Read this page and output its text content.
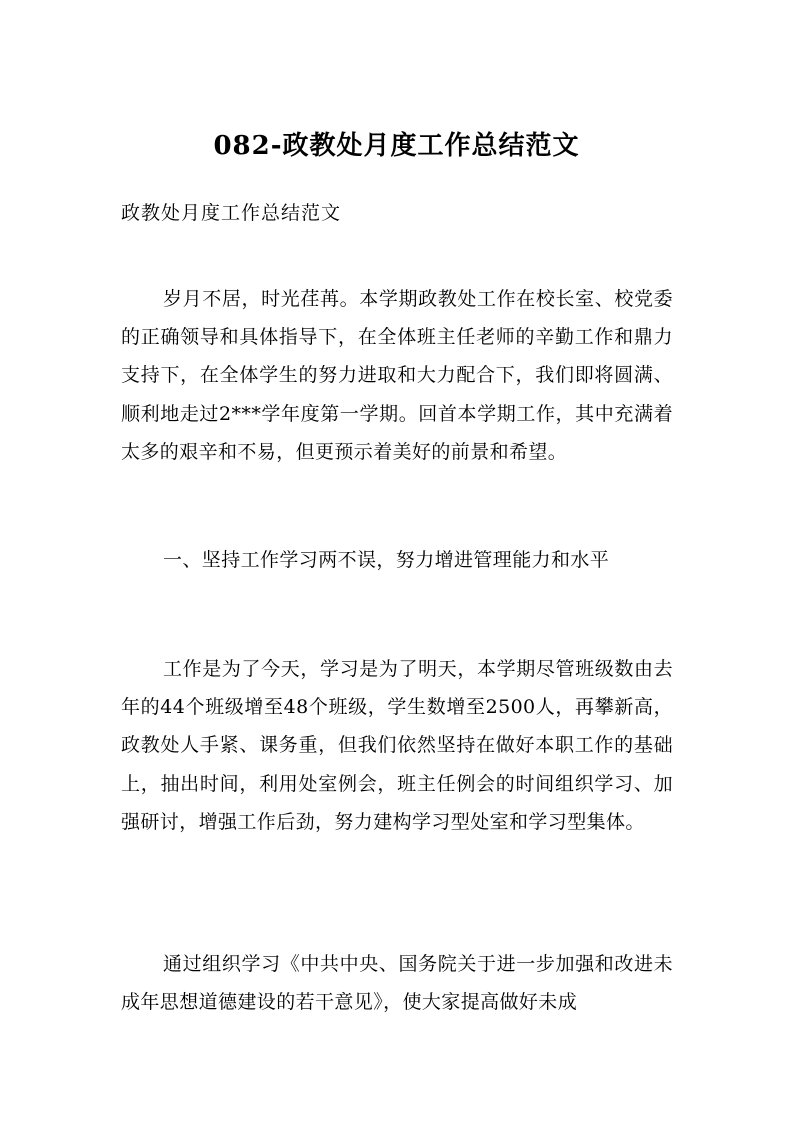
082-政教处月度工作总结范文
政教处月度工作总结范文

岁月不居，时光荏苒。本学期政教处工作在校长室、校党委的正确领导和具体指导下，在全体班主任老师的辛勤工作和鼎力支持下，在全体学生的努力进取和大力配合下，我们即将圆满、顺利地走过2***学年度第一学期。回首本学期工作，其中充满着太多的艰辛和不易，但更预示着美好的前景和希望。

一、坚持工作学习两不误，努力增进管理能力和水平

工作是为了今天，学习是为了明天，本学期尽管班级数由去年的44个班级增至48个班级，学生数增至2500人，再攀新高，政教处人手紧、课务重，但我们依然坚持在做好本职工作的基础上，抽出时间，利用处室例会，班主任例会的时间组织学习、加强研讨，增强工作后劲，努力建构学习型处室和学习型集体。

通过组织学习《中共中央、国务院关于进一步加强和改进未成年思想道德建设的若干意见》，使大家提高做好未成
